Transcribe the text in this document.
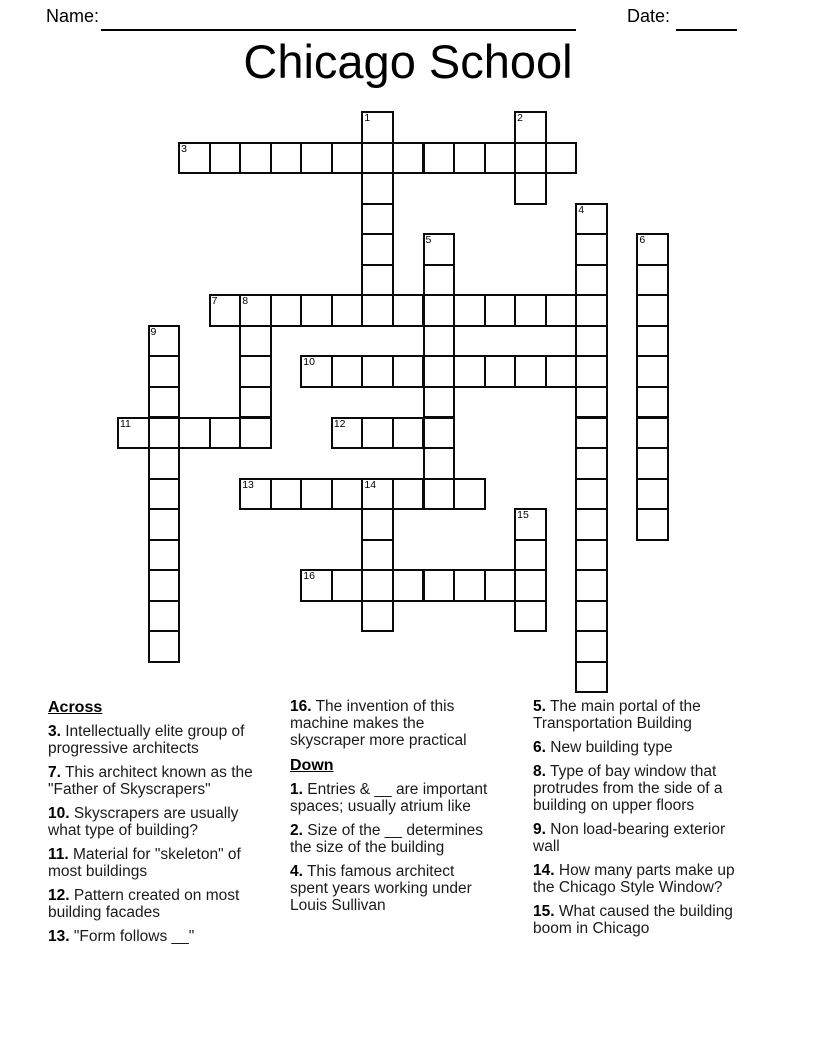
Name:	Date:
Chicago School
1	2
3
4
5	6
7 8
9
10
11	12
13	14
15
16
Across

3. Intellectually elite group of progressive architects

7. This architect known as the "Father of Skyscrapers"

10. Skyscrapers are usually what type of building?

11. Material for "skeleton" of most buildings

12. Pattern created on most building facades

13. "Form follows __"

16. The invention of this machine makes the skyscraper more practical

Down

1. Entries & __ are important spaces; usually atrium like

2. Size of the __ determines the size of the building

4. This famous architect spent years working under Louis Sullivan

5. The main portal of the Transportation Building

6. New building type

8. Type of bay window that protrudes from the side of a building on upper floors

9. Non load-bearing exterior wall

14. How many parts make up the Chicago Style Window?

15. What caused the building boom in Chicago
